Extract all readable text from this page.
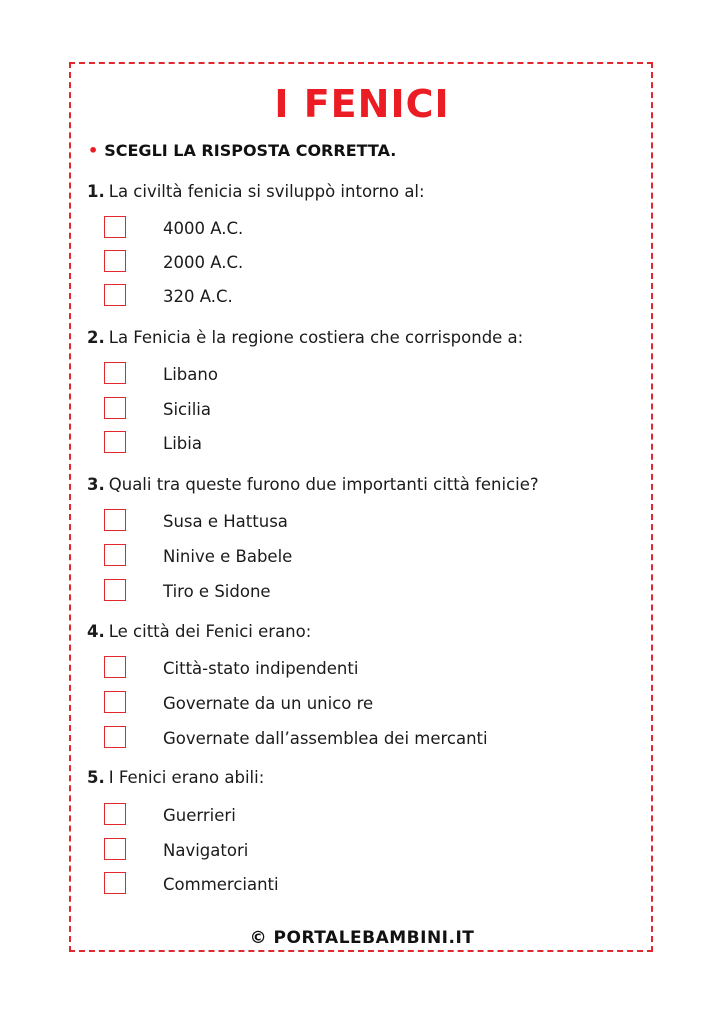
I FENICI
• SCEGLI LA RISPOSTA CORRETTA.
1. La civiltà fenicia si sviluppò intorno al:
4000 A.C.
2000 A.C.
320 A.C.
2. La Fenicia è la regione costiera che corrisponde a:
Libano
Sicilia
Libia
3. Quali tra queste furono due importanti città fenicie?
Susa e Hattusa
Ninive e Babele
Tiro e Sidone
4. Le città dei Fenici erano:
Città-stato indipendenti
Governate da un unico re
Governate dall’assemblea dei mercanti
5. I Fenici erano abili:
Guerrieri
Navigatori
Commercianti
© PORTALEBAMBINI.IT
